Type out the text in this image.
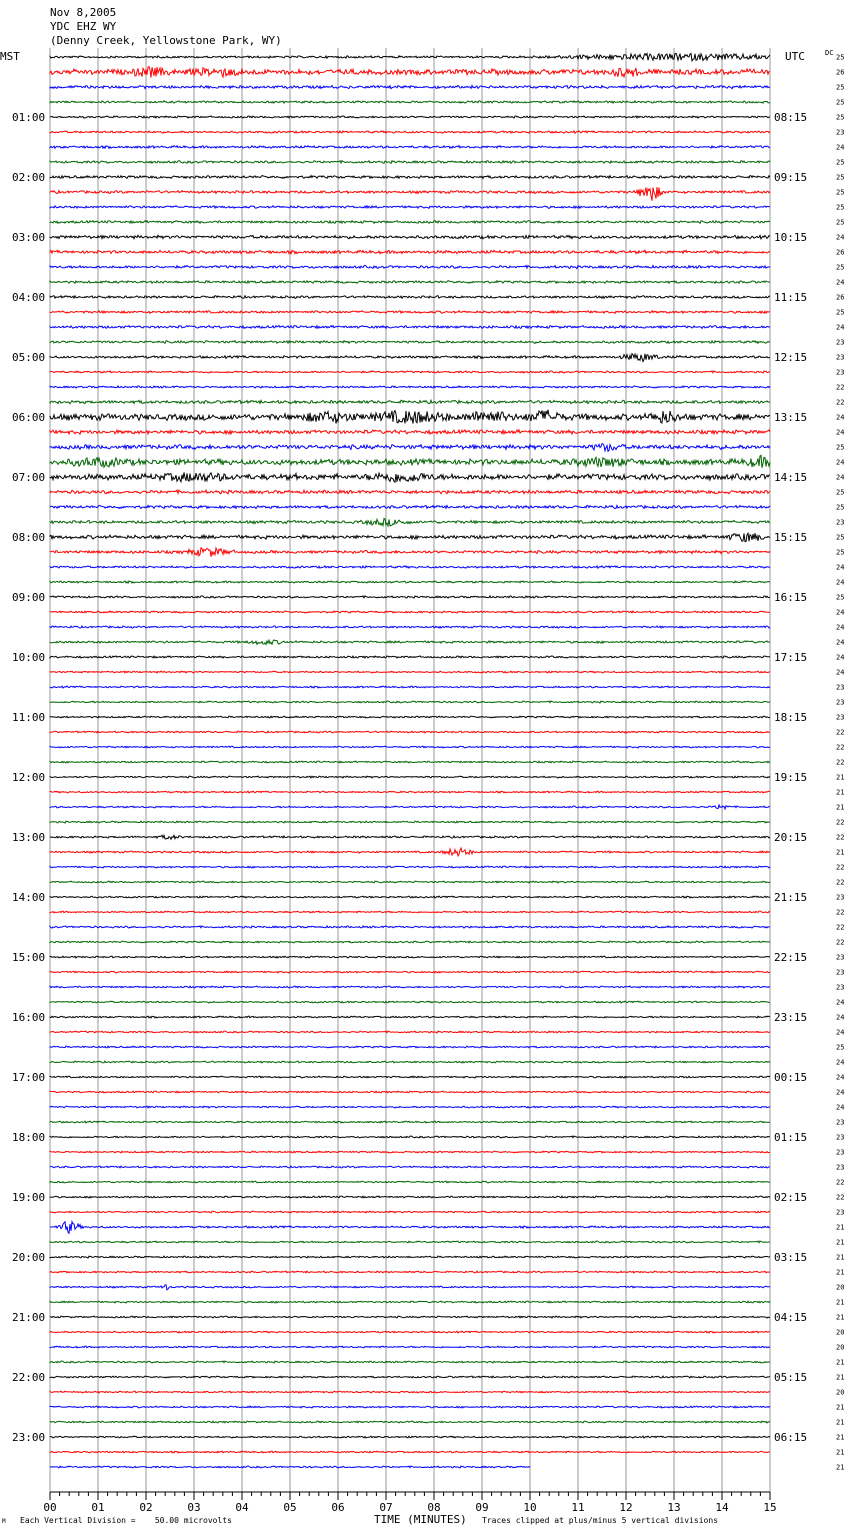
Nov 8,2005
YDC EHZ WY
(Denny Creek, Yellowstone Park, WY)
MST	UTC	DC
25
26
25
25
25
23
24
25
25
25
25
25
24
26
25
24
26
25
24
23
23
23
22
22
24
24
25
24
24
25
25
23
25
25
24
24
25
24
24
24
24
24
23
23
23
22
22
22
21
21
21
22
22
21
22
22
23
22
22
22
23
23
23
24
24
24
25
24
24
24
24
23
23
23
23
22
22
23
21
21
21
21
20
21
21
20
20
21
21
20
21
21
21
21
21
01:00
02:00
03:00
04:00
05:00
06:00
07:00
08:00
09:00
10:00
11:00
12:00
13:00
14:00
15:00
16:00
17:00
18:00
19:00
20:00
21:00
22:00
23:00
08:15
09:15
10:15
11:15
12:15
13:15
14:15
15:15
16:15
17:15
18:15
19:15
20:15
21:15
22:15
23:15
00:15
01:15
02:15
03:15
04:15
05:15
06:15
00	01	02	03	04	05	06	07	08	09	10	11	12	13	14	15
M Each Vertical Division =    50.00 microvolts	TIME (MINUTES) Traces clipped at plus/minus 5 vertical divisions
